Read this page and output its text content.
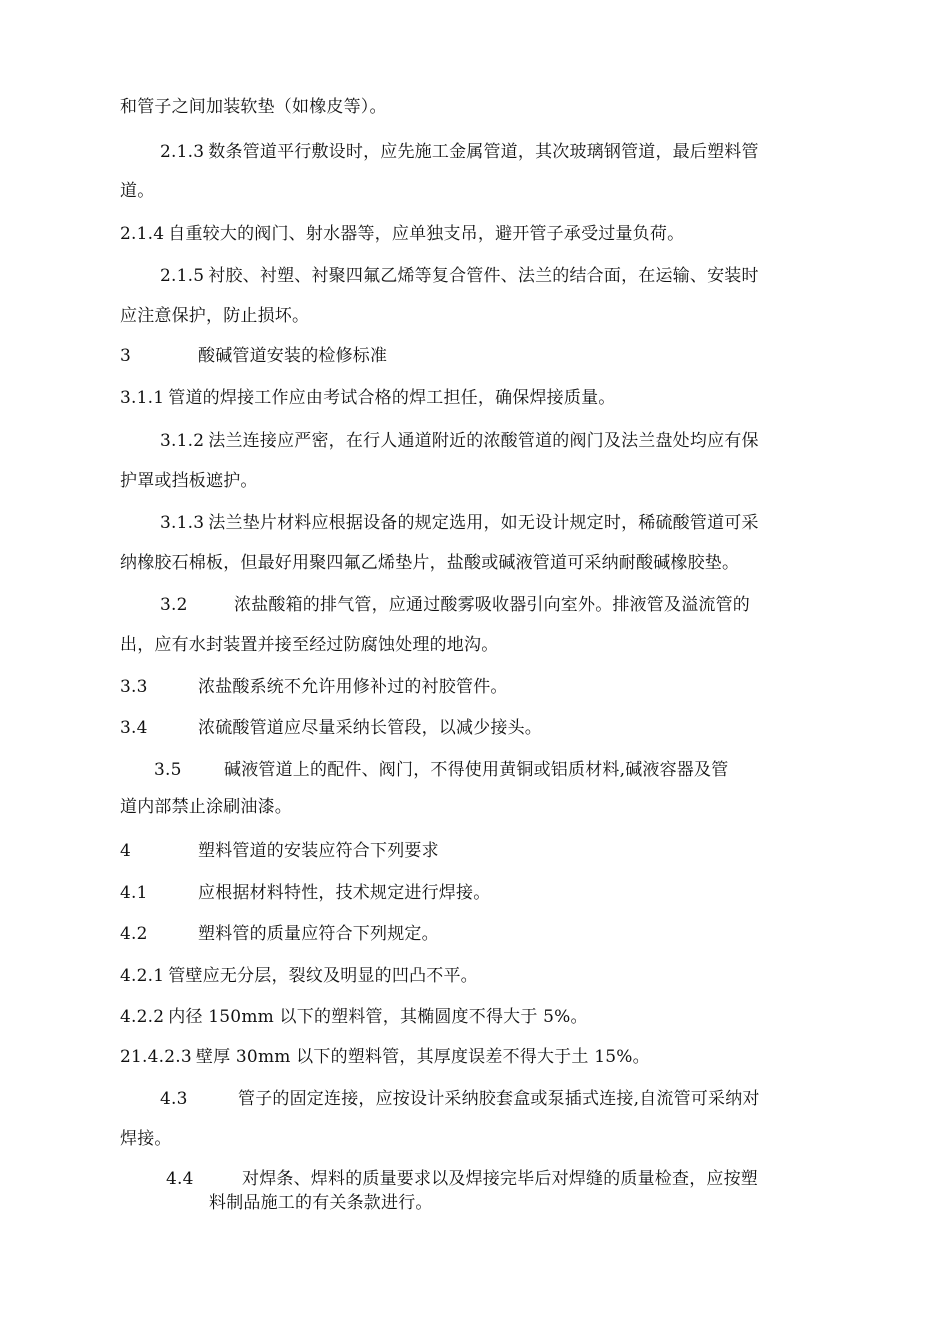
和管子之间加装软垫（如橡皮等）。
2.1.3 数条管道平行敷设时，应先施工金属管道，其次玻璃钢管道，最后塑料管
道。
2.1.4 自重较大的阀门、射水器等，应单独支吊，避开管子承受过量负荷。
2.1.5 衬胶、衬塑、衬聚四氟乙烯等复合管件、法兰的结合面，在运输、安装时
应注意保护，防止损坏。
3	酸碱管道安装的检修标准
3.1.1 管道的焊接工作应由考试合格的焊工担任，确保焊接质量。
3.1.2 法兰连接应严密，在行人通道附近的浓酸管道的阀门及法兰盘处均应有保
护罩或挡板遮护。
3.1.3 法兰垫片材料应根据设备的规定选用，如无设计规定时，稀硫酸管道可采
纳橡胶石棉板，但最好用聚四氟乙烯垫片，盐酸或碱液管道可采纳耐酸碱橡胶垫。
3.2	浓盐酸箱的排气管，应通过酸雾吸收器引向室外。排液管及溢流管的
出，应有水封装置并接至经过防腐蚀处理的地沟。
3.3	浓盐酸系统不允许用修补过的衬胶管件。
3.4	浓硫酸管道应尽量采纳长管段，以减少接头。
3.5 碱液管道上的配件、阀门，不得使用黄铜或铝质材料,碱液容器及管
道内部禁止涂刷油漆。
4	塑料管道的安装应符合下列要求
4.1	应根据材料特性，技术规定进行焊接。
4.2	塑料管的质量应符合下列规定。
4.2.1 管壁应无分层，裂纹及明显的凹凸不平。
4.2.2 内径 150mm 以下的塑料管，其椭圆度不得大于 5%。
21.4.2.3 壁厚 30mm 以下的塑料管，其厚度误差不得大于土 15%。
4.3	管子的固定连接，应按设计采纳胶套盒或泵插式连接,自流管可采纳对
焊接。
4.4	对焊条、焊料的质量要求以及焊接完毕后对焊缝的质量检查，应按塑
料制品施工的有关条款进行。
